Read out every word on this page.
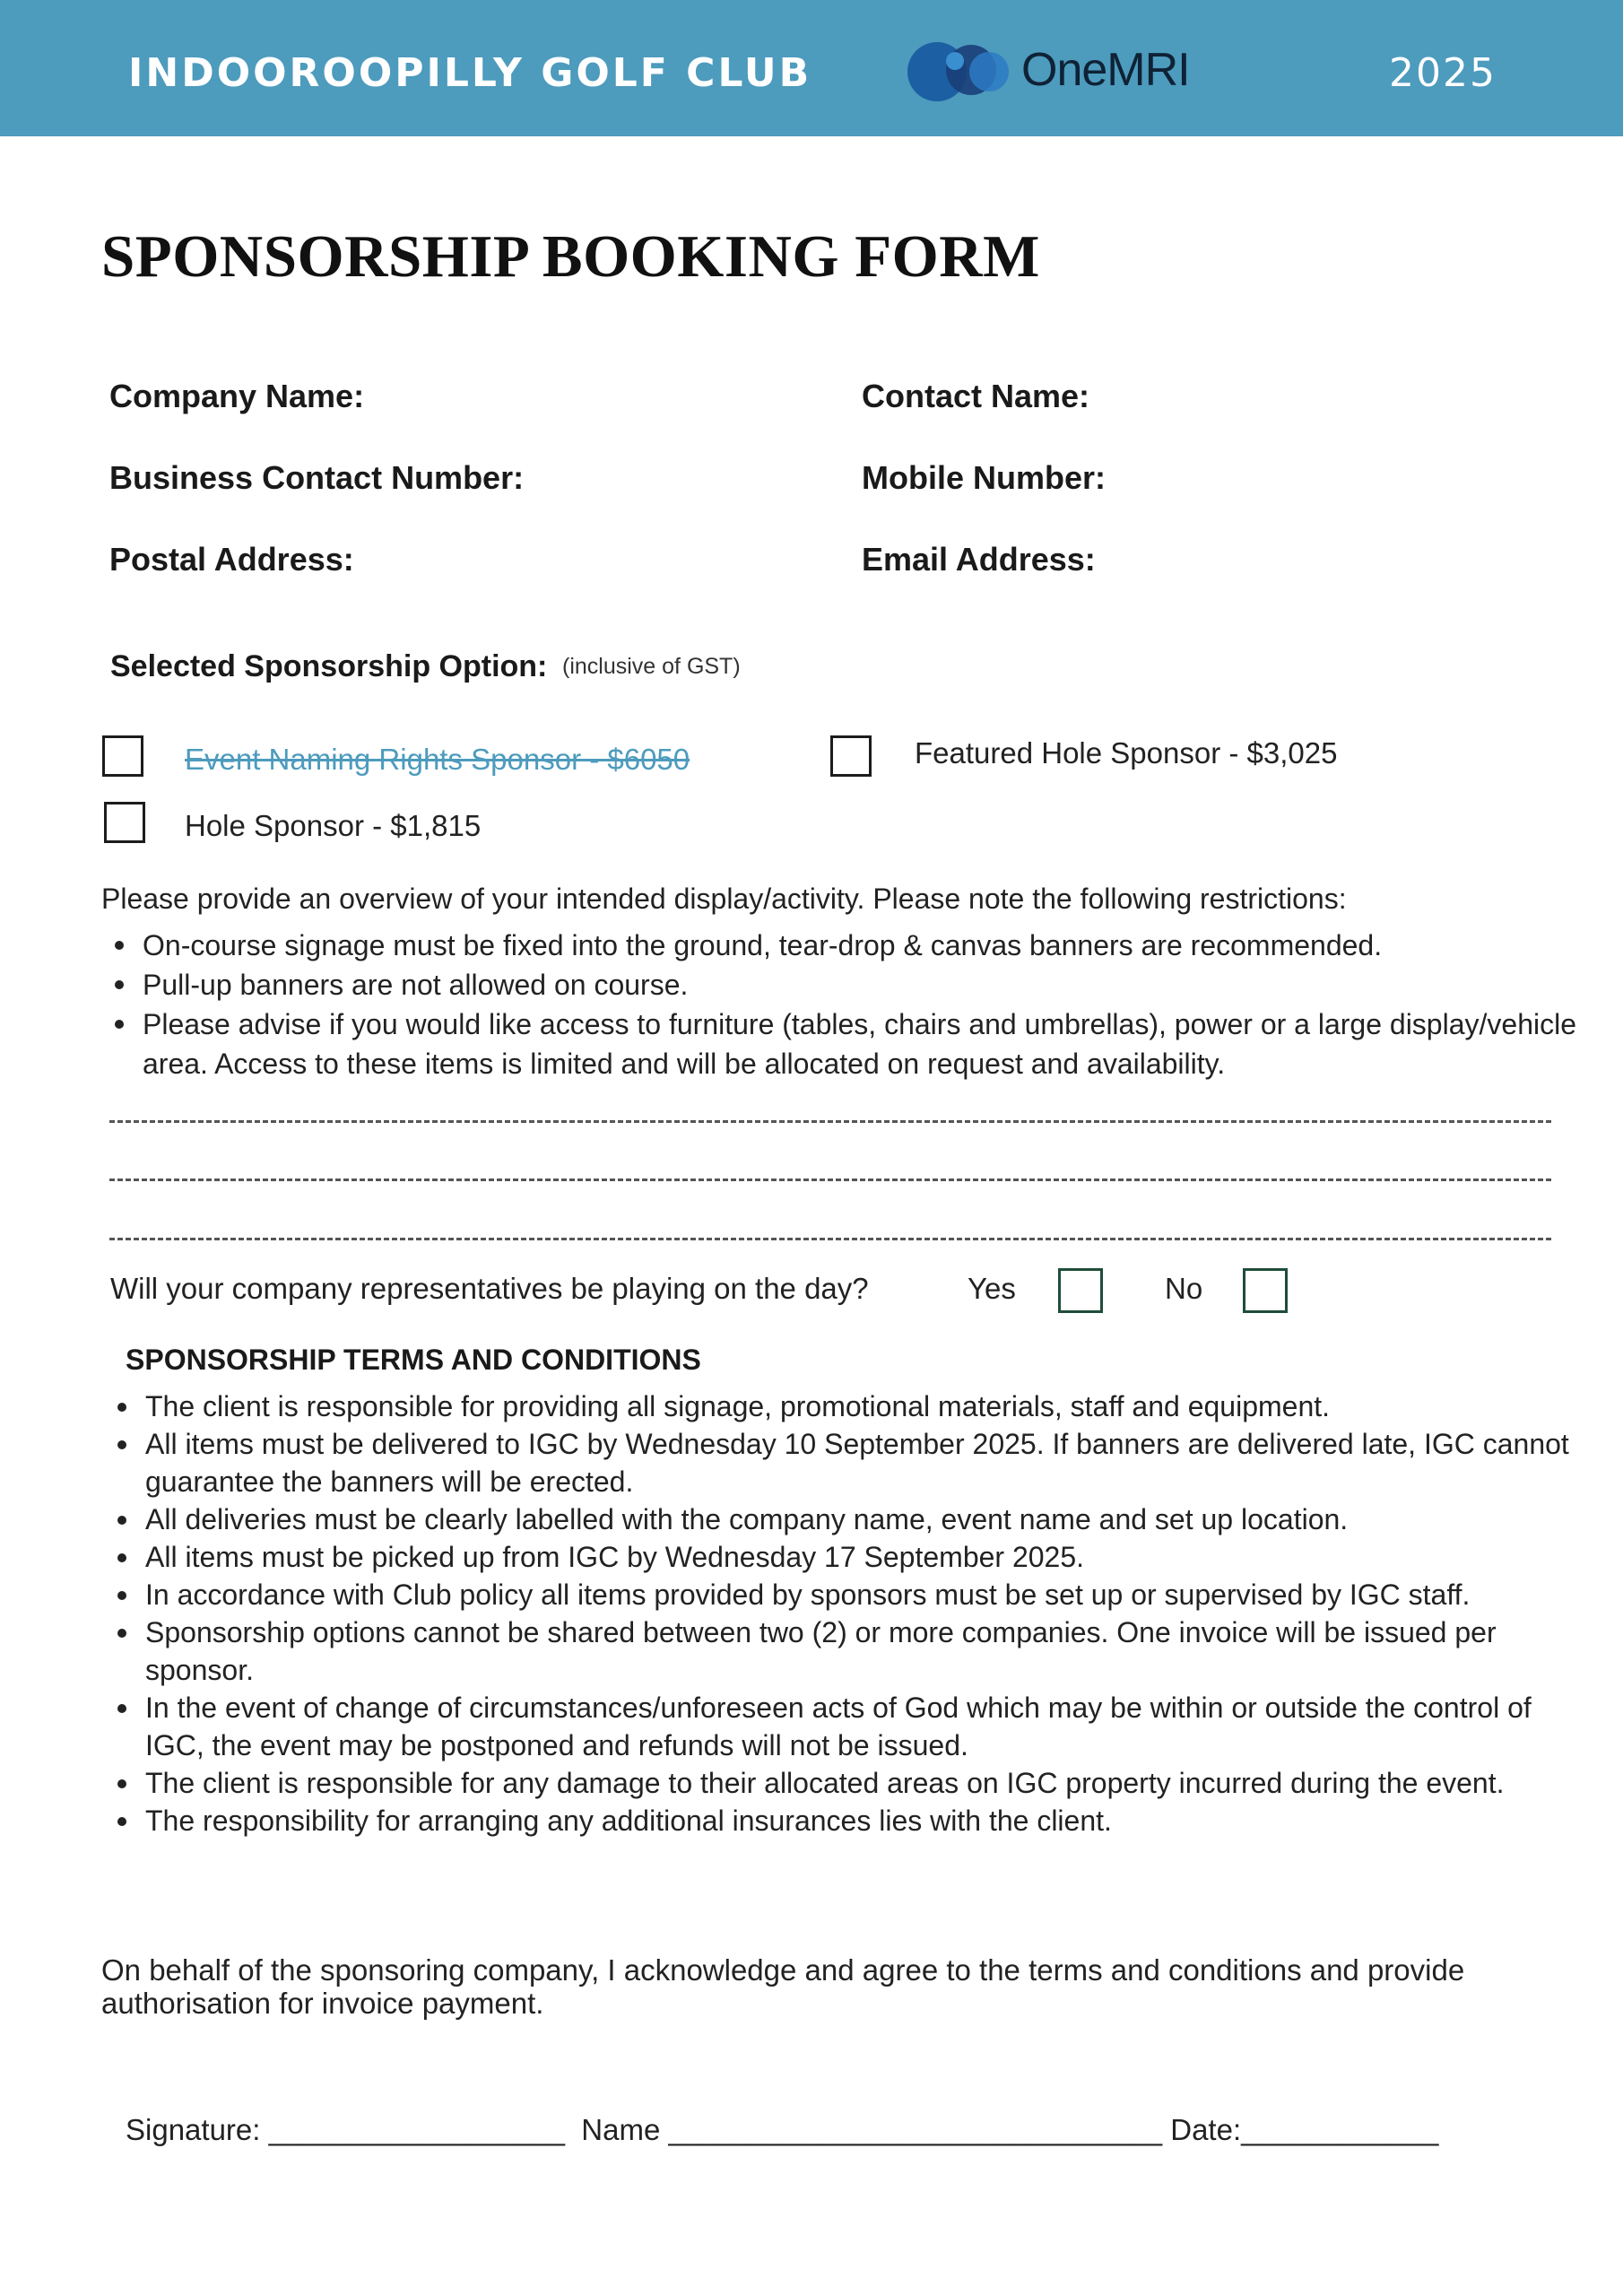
INDOOROOPILLY GOLF CLUB	OneMRI	2025
SPONSORSHIP BOOKING FORM
Company Name:	Contact Name:
Business Contact Number:	Mobile Number:
Postal Address:	Email Address:
Selected Sponsorship Option: (inclusive of GST)
Event Naming Rights Sponsor - $6050	Featured Hole Sponsor - $3,025
Hole Sponsor - $1,815
Please provide an overview of your intended display/activity. Please note the following restrictions:
On-course signage must be fixed into the ground, tear-drop & canvas banners are recommended.
Pull-up banners are not allowed on course.
Please advise if you would like access to furniture (tables, chairs and umbrellas), power or a large display/vehicle area. Access to these items is limited and will be allocated on request and availability.
Will your company representatives be playing on the day?	Yes	No
SPONSORSHIP TERMS AND CONDITIONS
The client is responsible for providing all signage, promotional materials, staff and equipment.
All items must be delivered to IGC by Wednesday 10 September 2025. If banners are delivered late, IGC cannot guarantee the banners will be erected.
All deliveries must be clearly labelled with the company name, event name and set up location.
All items must be picked up from IGC by Wednesday 17 September 2025.
In accordance with Club policy all items provided by sponsors must be set up or supervised by IGC staff.
Sponsorship options cannot be shared between two (2) or more companies. One invoice will be issued per sponsor.
In the event of change of circumstances/unforeseen acts of God which may be within or outside the control of IGC, the event may be postponed and refunds will not be issued.
The client is responsible for any damage to their allocated areas on IGC property incurred during the event.
The responsibility for arranging any additional insurances lies with the client.
On behalf of the sponsoring company, I acknowledge and agree to the terms and conditions and provide authorisation for invoice payment.
Signature: __________________  Name ______________________________ Date:____________
